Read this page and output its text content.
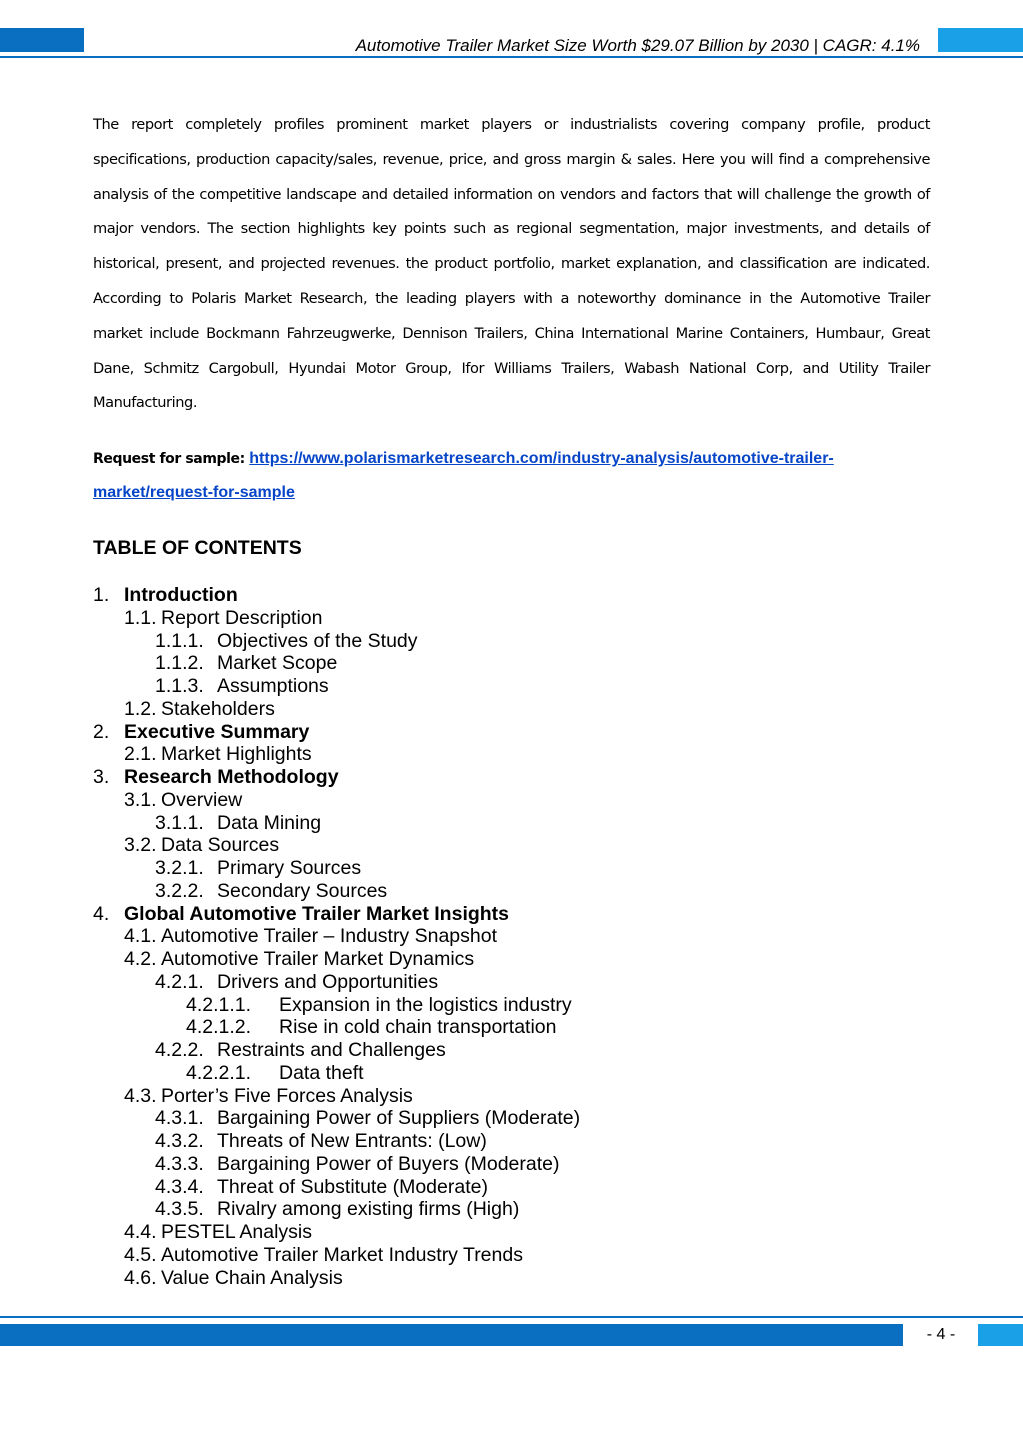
Automotive Trailer Market Size Worth $29.07 Billion by 2030 | CAGR: 4.1%
The report completely profiles prominent market players or industrialists covering company profile, product specifications, production capacity/sales, revenue, price, and gross margin & sales. Here you will find a comprehensive analysis of the competitive landscape and detailed information on vendors and factors that will challenge the growth of major vendors. The section highlights key points such as regional segmentation, major investments, and details of historical, present, and projected revenues. the product portfolio, market explanation, and classification are indicated. According to Polaris Market Research, the leading players with a noteworthy dominance in the Automotive Trailer market include Bockmann Fahrzeugwerke, Dennison Trailers, China International Marine Containers, Humbaur, Great Dane, Schmitz Cargobull, Hyundai Motor Group, Ifor Williams Trailers, Wabash National Corp, and Utility Trailer Manufacturing.
Request for sample: https://www.polarismarketresearch.com/industry-analysis/automotive-trailer-market/request-for-sample
TABLE OF CONTENTS
1. Introduction
1.1. Report Description
1.1.1. Objectives of the Study
1.1.2. Market Scope
1.1.3. Assumptions
1.2. Stakeholders
2. Executive Summary
2.1. Market Highlights
3. Research Methodology
3.1. Overview
3.1.1. Data Mining
3.2. Data Sources
3.2.1. Primary Sources
3.2.2. Secondary Sources
4. Global Automotive Trailer Market Insights
4.1. Automotive Trailer – Industry Snapshot
4.2. Automotive Trailer Market Dynamics
4.2.1. Drivers and Opportunities
4.2.1.1. Expansion in the logistics industry
4.2.1.2. Rise in cold chain transportation
4.2.2. Restraints and Challenges
4.2.2.1. Data theft
4.3. Porter’s Five Forces Analysis
4.3.1. Bargaining Power of Suppliers (Moderate)
4.3.2. Threats of New Entrants: (Low)
4.3.3. Bargaining Power of Buyers (Moderate)
4.3.4. Threat of Substitute (Moderate)
4.3.5. Rivalry among existing firms (High)
4.4. PESTEL Analysis
4.5. Automotive Trailer Market Industry Trends
4.6. Value Chain Analysis
- 4 -
